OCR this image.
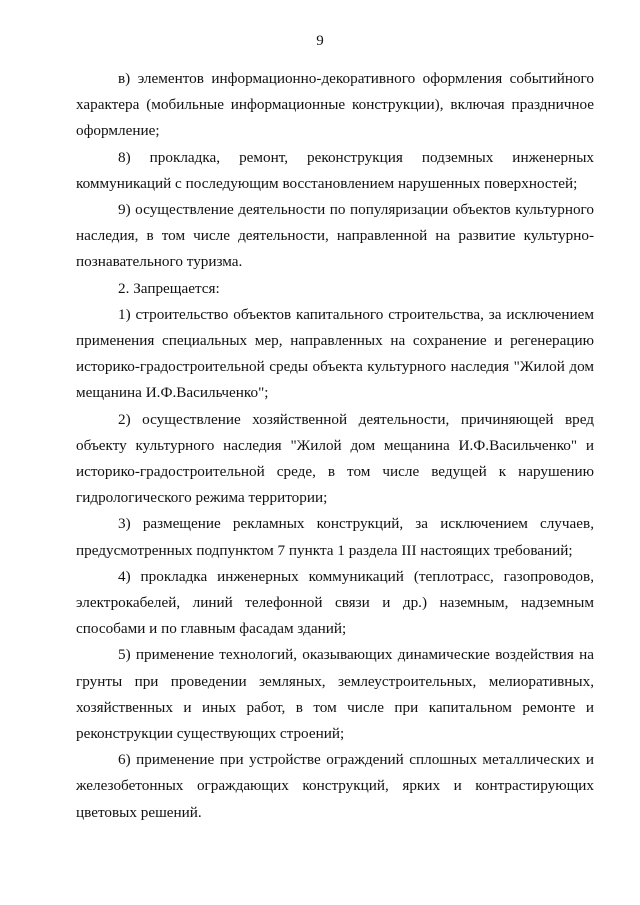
9

в) элементов информационно-декоративного оформления событийного характера (мобильные информационные конструкции), включая праздничное оформление;

8) прокладка, ремонт, реконструкция подземных инженерных коммуникаций с последующим восстановлением нарушенных поверхностей;

9) осуществление деятельности по популяризации объектов культурного наследия, в том числе деятельности, направленной на развитие культурно-познавательного туризма.

2. Запрещается:

1) строительство объектов капитального строительства, за исключением применения специальных мер, направленных на сохранение и регенерацию историко-градостроительной среды объекта культурного наследия "Жилой дом мещанина И.Ф.Васильченко";

2) осуществление хозяйственной деятельности, причиняющей вред объекту культурного наследия "Жилой дом мещанина И.Ф.Васильченко" и историко-градостроительной среде, в том числе ведущей к нарушению гидрологического режима территории;

3) размещение рекламных конструкций, за исключением случаев, предусмотренных подпунктом 7 пункта 1 раздела III настоящих требований;

4) прокладка инженерных коммуникаций (теплотрасс, газопроводов, электрокабелей, линий телефонной связи и др.) наземным, надземным способами и по главным фасадам зданий;

5) применение технологий, оказывающих динамические воздействия на грунты при проведении земляных, землеустроительных, мелиоративных, хозяйственных и иных работ, в том числе при капитальном ремонте и реконструкции существующих строений;

6) применение при устройстве ограждений сплошных металлических и железобетонных ограждающих конструкций, ярких и контрастирующих цветовых решений.
